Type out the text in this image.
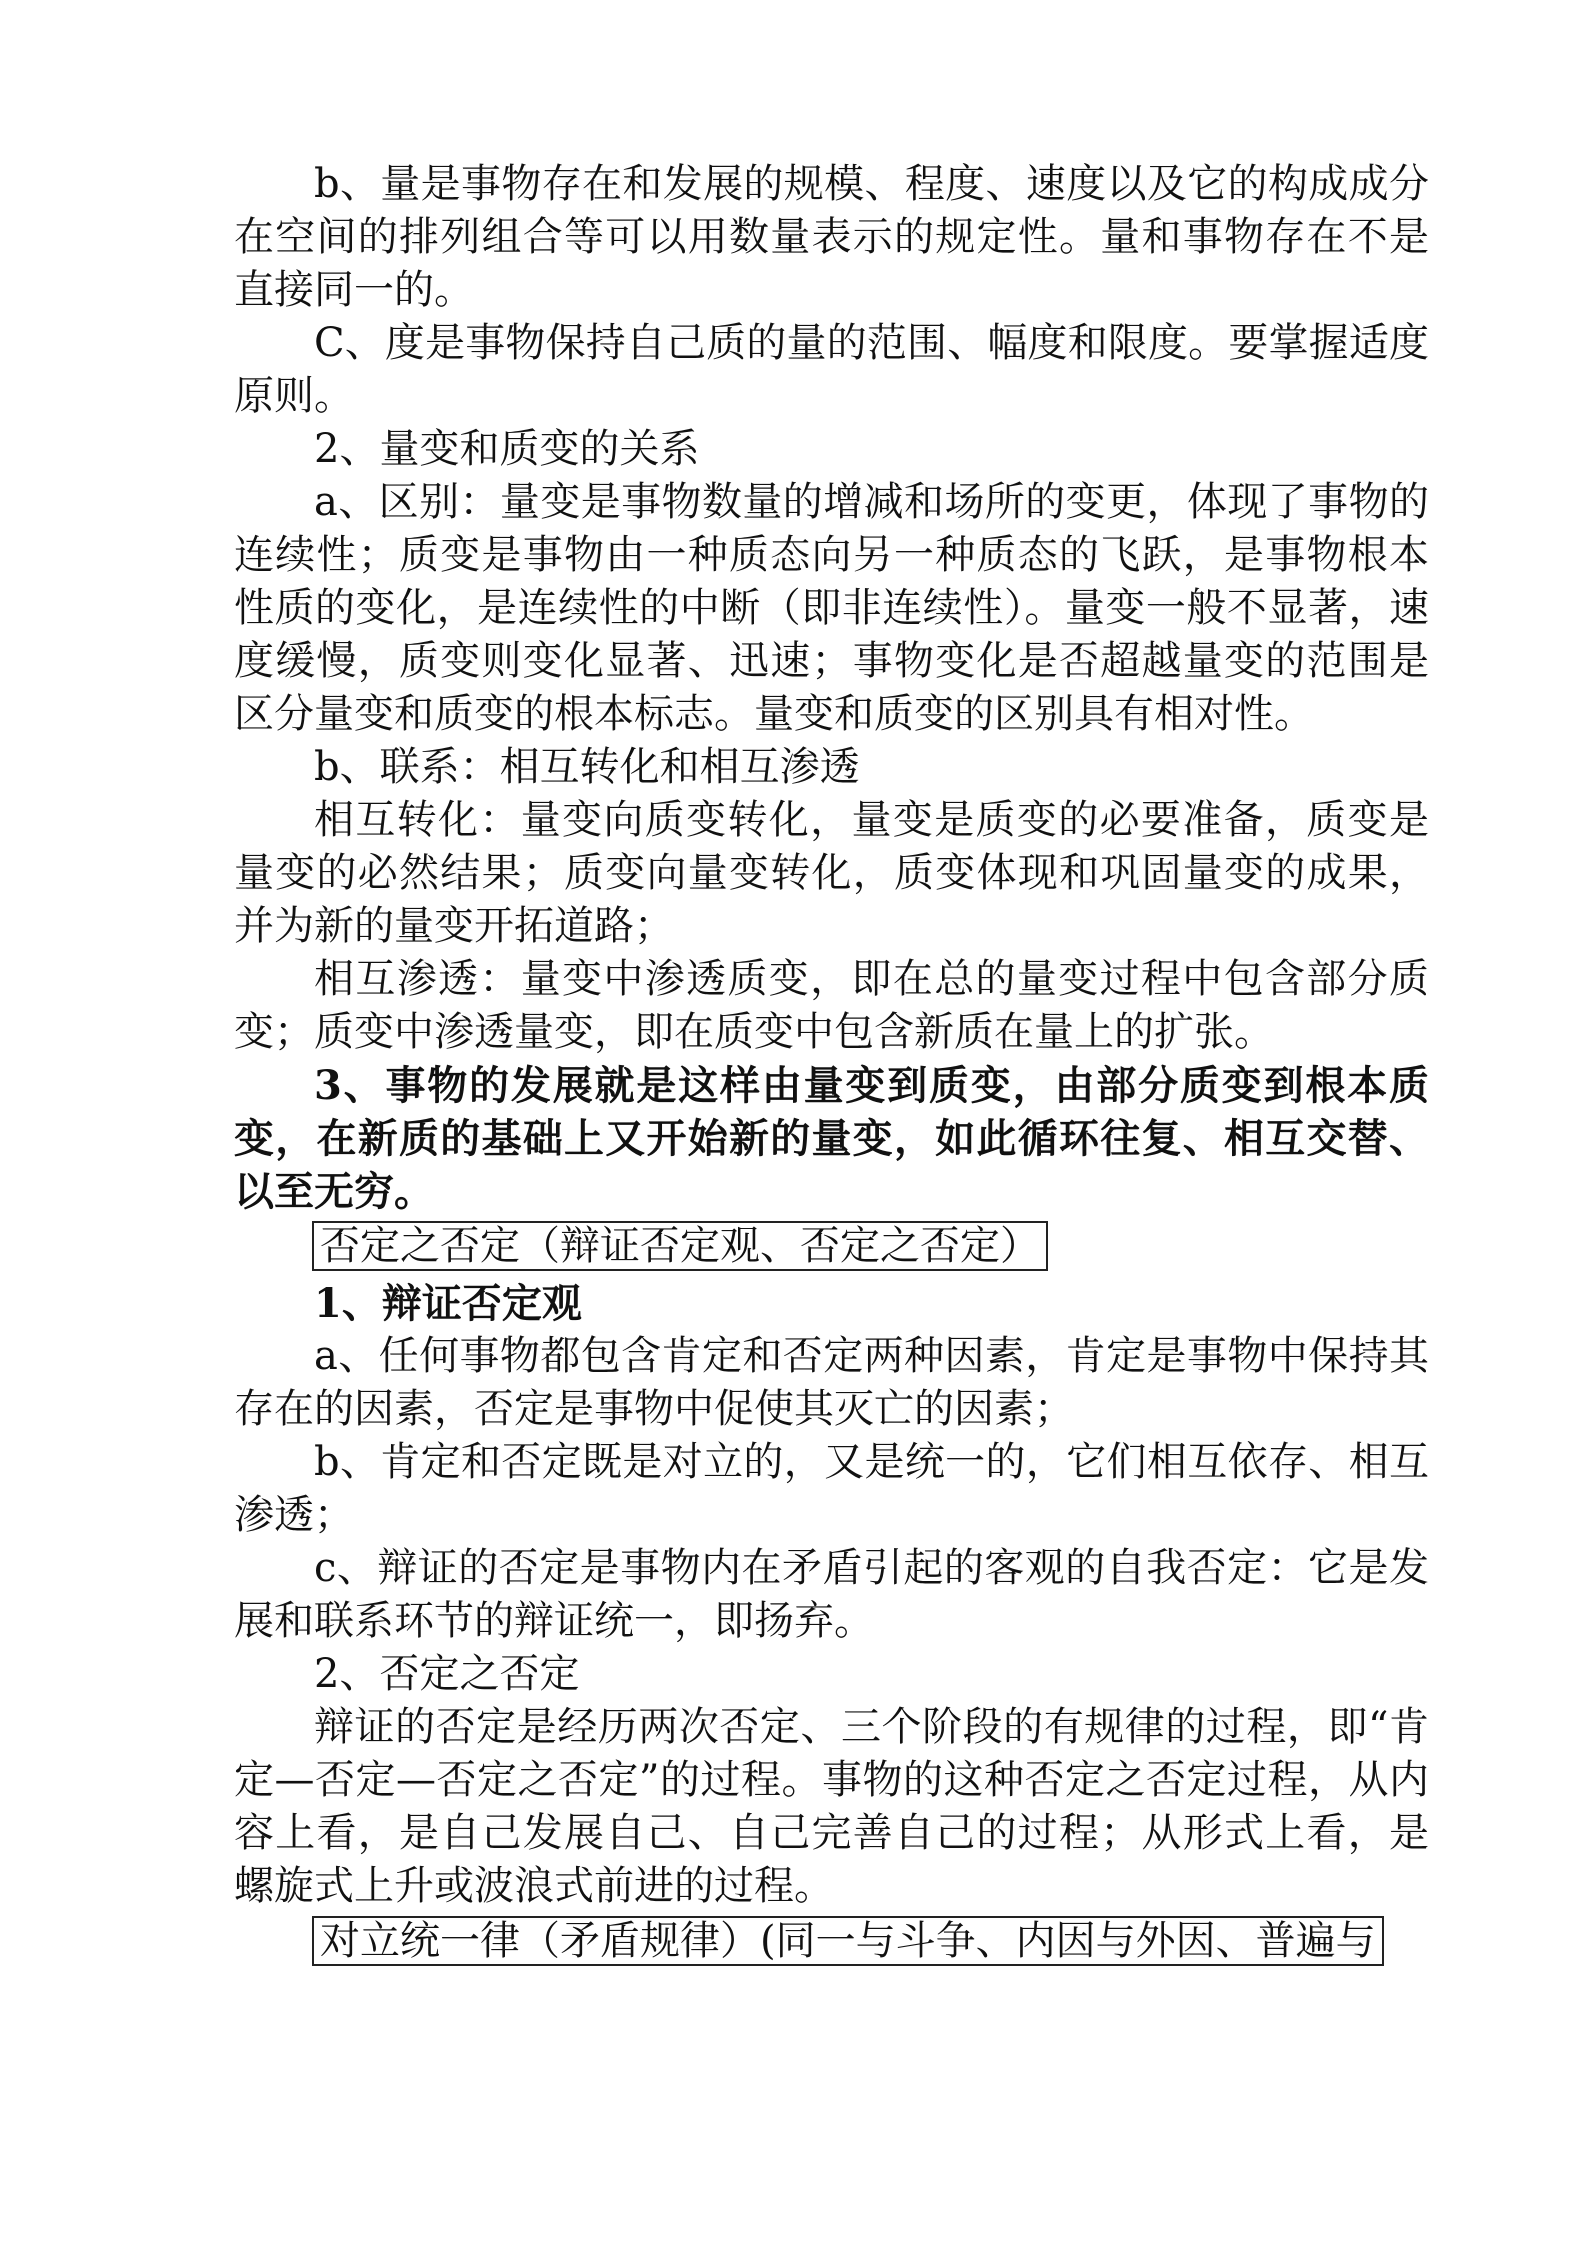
b、量是事物存在和发展的规模、程度、速度以及它的构成成分在空间的排列组合等可以用数量表示的规定性。量和事物存在不是直接同一的。

C、度是事物保持自己质的量的范围、幅度和限度。要掌握适度原则。

2、量变和质变的关系

a、区别：量变是事物数量的增减和场所的变更，体现了事物的连续性；质变是事物由一种质态向另一种质态的飞跃，是事物根本性质的变化，是连续性的中断（即非连续性）。量变一般不显著，速度缓慢，质变则变化显著、迅速；事物变化是否超越量变的范围是区分量变和质变的根本标志。量变和质变的区别具有相对性。

b、联系：相互转化和相互渗透

相互转化：量变向质变转化，量变是质变的必要准备，质变是量变的必然结果；质变向量变转化，质变体现和巩固量变的成果，并为新的量变开拓道路；

相互渗透：量变中渗透质变，即在总的量变过程中包含部分质变；质变中渗透量变，即在质变中包含新质在量上的扩张。

3、事物的发展就是这样由量变到质变，由部分质变到根本质变，在新质的基础上又开始新的量变，如此循环往复、相互交替、以至无穷。

否定之否定（辩证否定观、否定之否定）

1、辩证否定观

a、任何事物都包含肯定和否定两种因素，肯定是事物中保持其存在的因素，否定是事物中促使其灭亡的因素；

b、肯定和否定既是对立的，又是统一的，它们相互依存、相互渗透；

c、辩证的否定是事物内在矛盾引起的客观的自我否定：它是发展和联系环节的辩证统一，即扬弃。

2、否定之否定

辩证的否定是经历两次否定、三个阶段的有规律的过程，即“肯定—否定—否定之否定”的过程。事物的这种否定之否定过程，从内容上看，是自己发展自己、自己完善自己的过程；从形式上看，是螺旋式上升或波浪式前进的过程。

对立统一律（矛盾规律）(同一与斗争、内因与外因、普遍与
